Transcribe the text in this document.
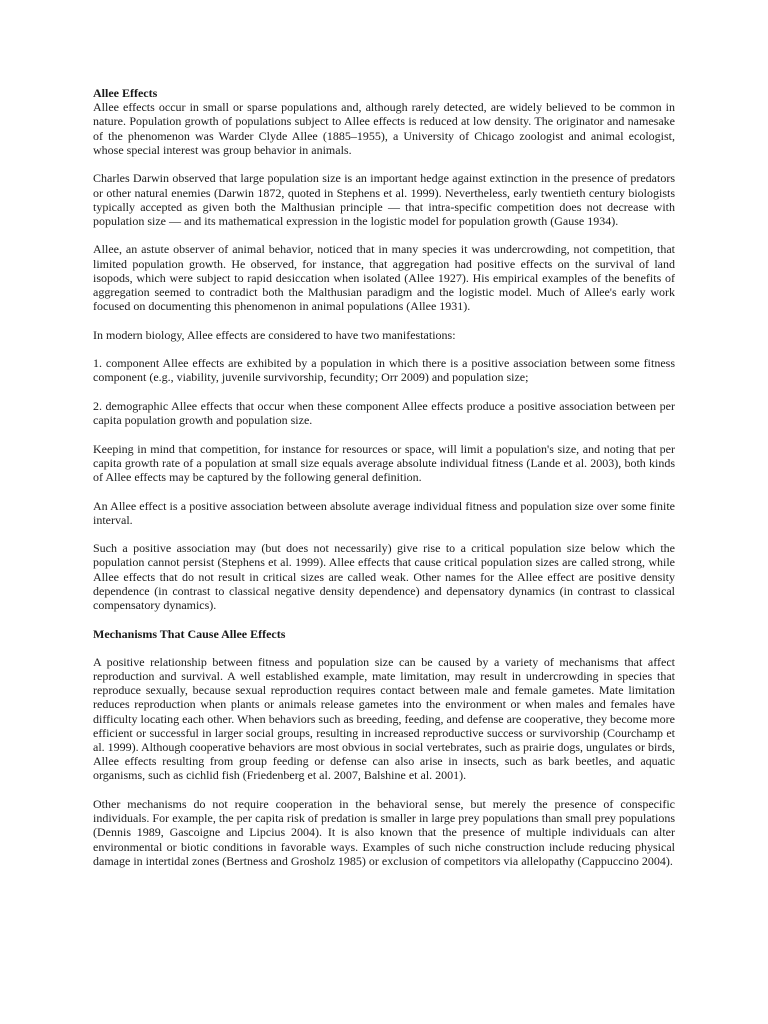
Allee Effects

Allee effects occur in small or sparse populations and, although rarely detected, are widely believed to be common in nature. Population growth of populations subject to Allee effects is reduced at low density. The originator and namesake of the phenomenon was Warder Clyde Allee (1885–1955), a University of Chicago zoologist and animal ecologist, whose special interest was group behavior in animals.

Charles Darwin observed that large population size is an important hedge against extinction in the presence of predators or other natural enemies (Darwin 1872, quoted in Stephens et al. 1999). Nevertheless, early twentieth century biologists typically accepted as given both the Malthusian principle — that intra-specific competition does not decrease with population size — and its mathematical expression in the logistic model for population growth (Gause 1934).

Allee, an astute observer of animal behavior, noticed that in many species it was undercrowding, not competition, that limited population growth. He observed, for instance, that aggregation had positive effects on the survival of land isopods, which were subject to rapid desiccation when isolated (Allee 1927). His empirical examples of the benefits of aggregation seemed to contradict both the Malthusian paradigm and the logistic model. Much of Allee's early work focused on documenting this phenomenon in animal populations (Allee 1931).

In modern biology, Allee effects are considered to have two manifestations:

1. component Allee effects are exhibited by a population in which there is a positive association between some fitness component (e.g., viability, juvenile survivorship, fecundity; Orr 2009) and population size;

2. demographic Allee effects that occur when these component Allee effects produce a positive association between per capita population growth and population size.

Keeping in mind that competition, for instance for resources or space, will limit a population's size, and noting that per capita growth rate of a population at small size equals average absolute individual fitness (Lande et al. 2003), both kinds of Allee effects may be captured by the following general definition.

An Allee effect is a positive association between absolute average individual fitness and population size over some finite interval.

Such a positive association may (but does not necessarily) give rise to a critical population size below which the population cannot persist (Stephens et al. 1999). Allee effects that cause critical population sizes are called strong, while Allee effects that do not result in critical sizes are called weak. Other names for the Allee effect are positive density dependence (in contrast to classical negative density dependence) and depensatory dynamics (in contrast to classical compensatory dynamics).

Mechanisms That Cause Allee Effects

A positive relationship between fitness and population size can be caused by a variety of mechanisms that affect reproduction and survival. A well established example, mate limitation, may result in undercrowding in species that reproduce sexually, because sexual reproduction requires contact between male and female gametes. Mate limitation reduces reproduction when plants or animals release gametes into the environment or when males and females have difficulty locating each other. When behaviors such as breeding, feeding, and defense are cooperative, they become more efficient or successful in larger social groups, resulting in increased reproductive success or survivorship (Courchamp et al. 1999). Although cooperative behaviors are most obvious in social vertebrates, such as prairie dogs, ungulates or birds, Allee effects resulting from group feeding or defense can also arise in insects, such as bark beetles, and aquatic organisms, such as cichlid fish (Friedenberg et al. 2007, Balshine et al. 2001).

Other mechanisms do not require cooperation in the behavioral sense, but merely the presence of conspecific individuals. For example, the per capita risk of predation is smaller in large prey populations than small prey populations (Dennis 1989, Gascoigne and Lipcius 2004). It is also known that the presence of multiple individuals can alter environmental or biotic conditions in favorable ways. Examples of such niche construction include reducing physical damage in intertidal zones (Bertness and Grosholz 1985) or exclusion of competitors via allelopathy (Cappuccino 2004).
